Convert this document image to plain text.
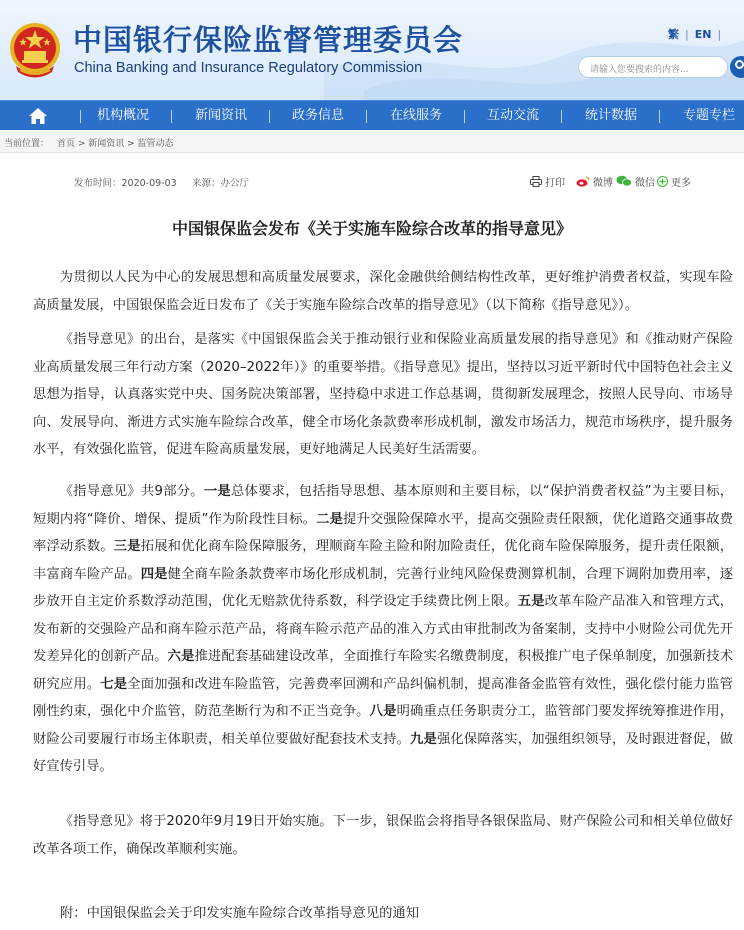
中国银行保险监督管理委员会
China Banking and Insurance Regulatory Commission
繁 | EN |
请输入您要搜索的内容...
机构概况	新闻资讯	政务信息	在线服务	互动交流	统计数据	专题专栏
当前位置： 首页 > 新闻资讯 > 监管动态
发布时间：2020-09-03 来源：办公厅	打印	微博 微信 更多
中国银保监会发布《关于实施车险综合改革的指导意见》
为贯彻以人民为中心的发展思想和高质量发展要求，深化金融供给侧结构性改革，更好维护消费者权益，实现车险高质量发展，中国银保监会近日发布了《关于实施车险综合改革的指导意见》（以下简称《指导意见》）。
《指导意见》的出台，是落实《中国银保监会关于推动银行业和保险业高质量发展的指导意见》和《推动财产保险业高质量发展三年行动方案（2020–2022年）》的重要举措。《指导意见》提出，坚持以习近平新时代中国特色社会主义思想为指导，认真落实党中央、国务院决策部署，坚持稳中求进工作总基调，贯彻新发展理念，按照人民导向、市场导向、发展导向、渐进方式实施车险综合改革，健全市场化条款费率形成机制，激发市场活力，规范市场秩序，提升服务水平，有效强化监管，促进车险高质量发展，更好地满足人民美好生活需要。
《指导意见》共9部分。一是总体要求，包括指导思想、基本原则和主要目标，以“保护消费者权益”为主要目标，短期内将“降价、增保、提质”作为阶段性目标。二是提升交强险保障水平，提高交强险责任限额，优化道路交通事故费率浮动系数。三是拓展和优化商车险保障服务，理顺商车险主险和附加险责任，优化商车险保障服务，提升责任限额，丰富商车险产品。四是健全商车险条款费率市场化形成机制，完善行业纯风险保费测算机制，合理下调附加费用率，逐步放开自主定价系数浮动范围，优化无赔款优待系数，科学设定手续费比例上限。五是改革车险产品准入和管理方式，发布新的交强险产品和商车险示范产品，将商车险示范产品的准入方式由审批制改为备案制，支持中小财险公司优先开发差异化的创新产品。六是推进配套基础建设改革，全面推行车险实名缴费制度，积极推广电子保单制度，加强新技术研究应用。七是全面加强和改进车险监管，完善费率回溯和产品纠偏机制，提高准备金监管有效性，强化偿付能力监管刚性约束，强化中介监管，防范垄断行为和不正当竞争。八是明确重点任务职责分工，监管部门要发挥统筹推进作用，财险公司要履行市场主体职责，相关单位要做好配套技术支持。九是强化保障落实，加强组织领导，及时跟进督促，做好宣传引导。
《指导意见》将于2020年9月19日开始实施。下一步，银保监会将指导各银保监局、财产保险公司和相关单位做好改革各项工作，确保改革顺利实施。
附：中国银保监会关于印发实施车险综合改革指导意见的通知
